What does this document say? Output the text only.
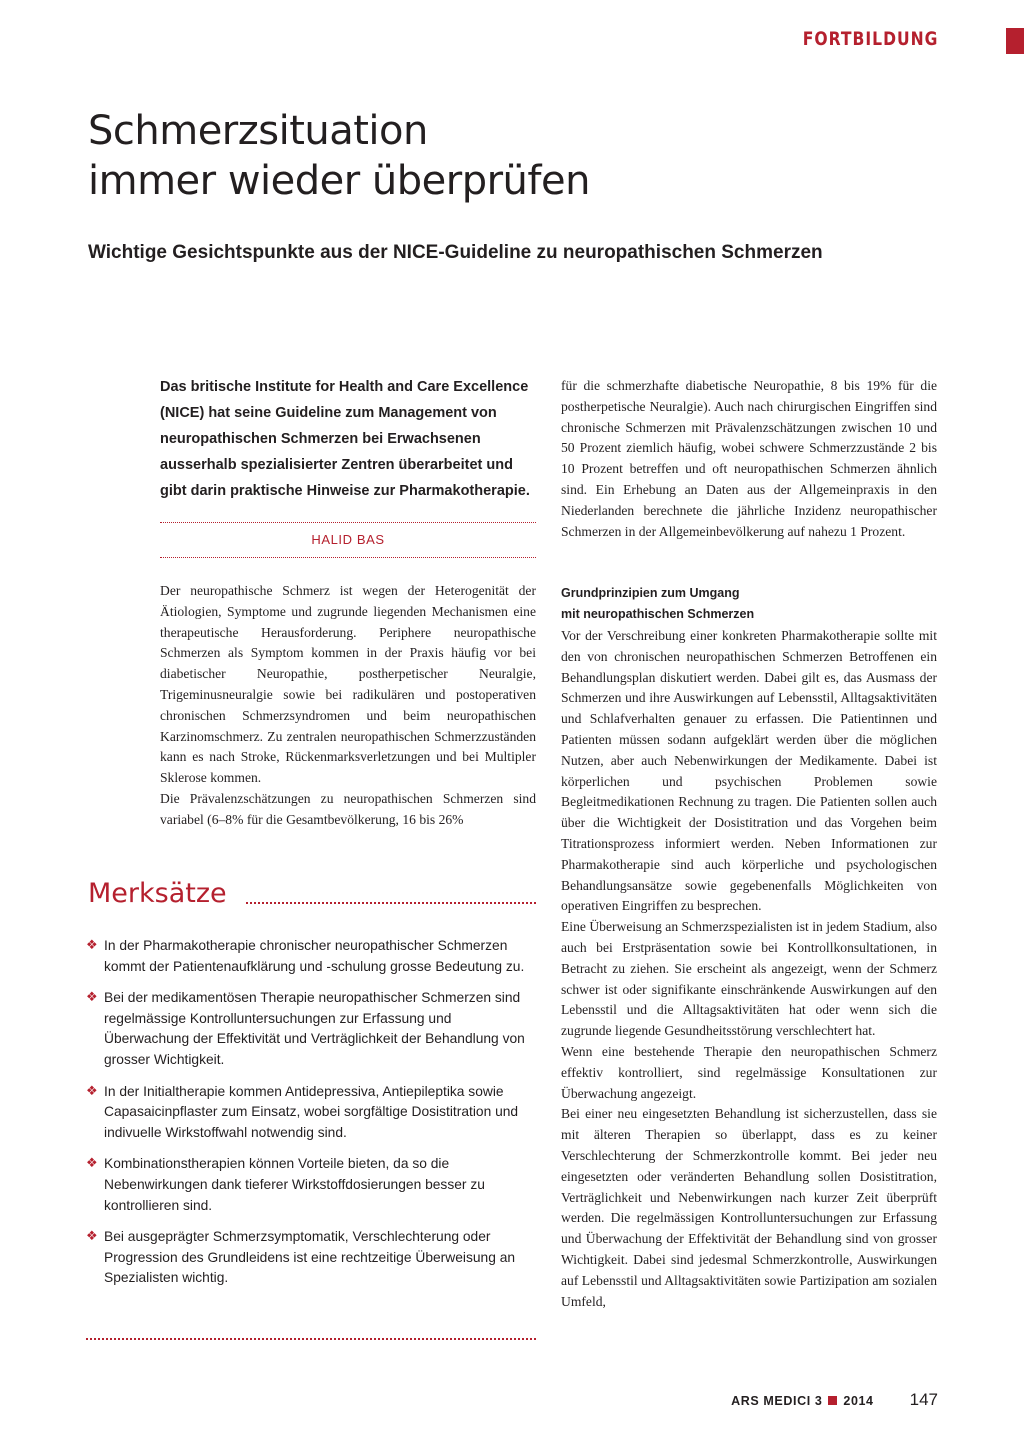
FORTBILDUNG
Schmerzsituation
immer wieder überprüfen
Wichtige Gesichtspunkte aus der NICE-Guideline zu neuropathischen Schmerzen

Das britische Institute for Health and Care Excellence (NICE) hat seine Guideline zum Management von neuropathischen Schmerzen bei Erwachsenen ausserhalb spezialisierter Zentren überarbeitet und gibt darin praktische Hinweise zur Pharmakotherapie.

HALID BAS

Der neuropathische Schmerz ist wegen der Heterogenität der Ätiologien, Symptome und zugrunde liegenden Mechanismen eine therapeutische Herausforderung. Periphere neuropathische Schmerzen als Symptom kommen in der Praxis häufig vor bei diabetischer Neuropathie, postherpetischer Neuralgie, Trigeminusneuralgie sowie bei radikulären und postoperativen chronischen Schmerzsyndromen und beim neuropathischen Karzinomschmerz. Zu zentralen neuropathischen Schmerzzuständen kann es nach Stroke, Rückenmarksverletzungen und bei Multipler Sklerose kommen.

Die Prävalenzschätzungen zu neuropathischen Schmerzen sind variabel (6–8% für die Gesamtbevölkerung, 16 bis 26%

für die schmerzhafte diabetische Neuropathie, 8 bis 19% für die postherpetische Neuralgie). Auch nach chirurgischen Eingriffen sind chronische Schmerzen mit Prävalenzschätzungen zwischen 10 und 50 Prozent ziemlich häufig, wobei schwere Schmerzzustände 2 bis 10 Prozent betreffen und oft neuropathischen Schmerzen ähnlich sind. Ein Erhebung an Daten aus der Allgemeinpraxis in den Niederlanden berechnete die jährliche Inzidenz neuropathischer Schmerzen in der Allgemeinbevölkerung auf nahezu 1 Prozent.

Grundprinzipien zum Umgang
mit neuropathischen Schmerzen

Vor der Verschreibung einer konkreten Pharmakotherapie sollte mit den von chronischen neuropathischen Schmerzen Betroffenen ein Behandlungsplan diskutiert werden. Dabei gilt es, das Ausmass der Schmerzen und ihre Auswirkungen auf Lebensstil, Alltagsaktivitäten und Schlafverhalten genauer zu erfassen. Die Patientinnen und Patienten müssen sodann aufgeklärt werden über die möglichen Nutzen, aber auch Nebenwirkungen der Medikamente. Dabei ist körperlichen und psychischen Problemen sowie Begleitmedikationen Rechnung zu tragen. Die Patienten sollen auch über die Wichtigkeit der Dosistitration und das Vorgehen beim Titrationsprozess informiert werden. Neben Informationen zur Pharmakotherapie sind auch körperliche und psychologischen Behandlungsansätze sowie gegebenenfalls Möglichkeiten von operativen Eingriffen zu besprechen.

Eine Überweisung an Schmerzspezialisten ist in jedem Stadium, also auch bei Erstpräsentation sowie bei Kontrollkonsultationen, in Betracht zu ziehen. Sie erscheint als angezeigt, wenn der Schmerz schwer ist oder signifikante einschränkende Auswirkungen auf den Lebensstil und die Alltagsaktivitäten hat oder wenn sich die zugrunde liegende Gesundheitsstörung verschlechtert hat.

Wenn eine bestehende Therapie den neuropathischen Schmerz effektiv kontrolliert, sind regelmässige Konsultationen zur Überwachung angezeigt.

Bei einer neu eingesetzten Behandlung ist sicherzustellen, dass sie mit älteren Therapien so überlappt, dass es zu keiner Verschlechterung der Schmerzkontrolle kommt. Bei jeder neu eingesetzten oder veränderten Behandlung sollen Dosistitration, Verträglichkeit und Nebenwirkungen nach kurzer Zeit überprüft werden. Die regelmässigen Kontrolluntersuchungen zur Erfassung und Überwachung der Effektivität der Behandlung sind von grosser Wichtigkeit. Dabei sind jedesmal Schmerzkontrolle, Auswirkungen auf Lebensstil und Alltagsaktivitäten sowie Partizipation am sozialen Umfeld,

Merksätze
❖ In der Pharmakotherapie chronischer neuropathischer Schmerzen kommt der Patientenaufklärung und -schulung grosse Bedeutung zu.
❖ Bei der medikamentösen Therapie neuropathischer Schmerzen sind regelmässige Kontrolluntersuchungen zur Erfassung und Überwachung der Effektivität und Verträglichkeit der Behandlung von grosser Wichtigkeit.
❖ In der Initialtherapie kommen Antidepressiva, Antiepileptika sowie Capasaicinpflaster zum Einsatz, wobei sorgfältige Dosistitration und indivuelle Wirkstoffwahl notwendig sind.
❖ Kombinationstherapien können Vorteile bieten, da so die Nebenwirkungen dank tieferer Wirkstoffdosierungen besser zu kontrollieren sind.
❖ Bei ausgeprägter Schmerzsymptomatik, Verschlechterung oder Progression des Grundleidens ist eine rechtzeitige Überweisung an Spezialisten wichtig.
ARS MEDICI 3 2014 147
